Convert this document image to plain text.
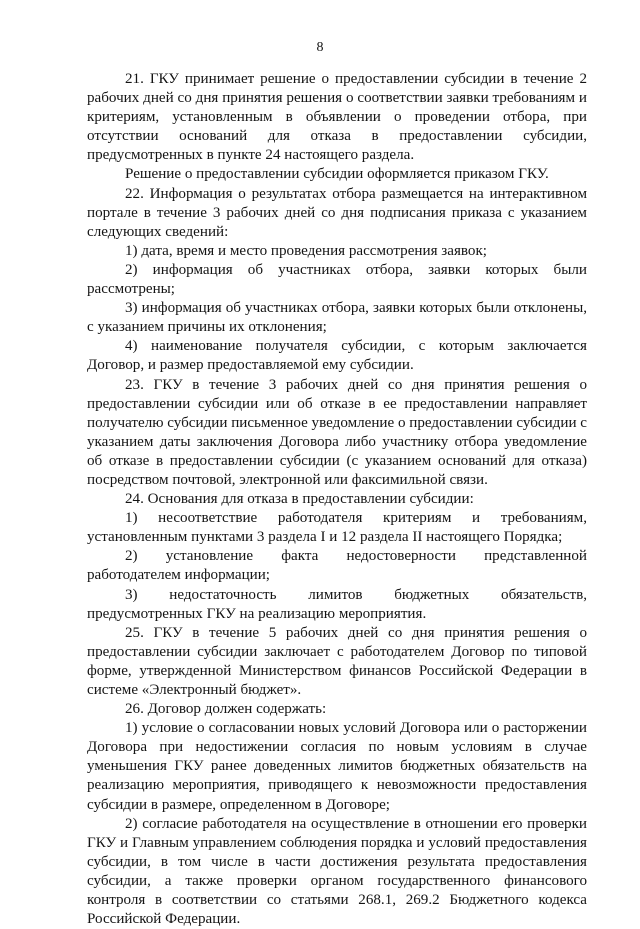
8

21. ГКУ принимает решение о предоставлении субсидии в течение 2 рабочих дней со дня принятия решения о соответствии заявки требованиям и критериям, установленным в объявлении о проведении отбора, при отсутствии оснований для отказа в предоставлении субсидии, предусмотренных в пункте 24 настоящего раздела.

Решение о предоставлении субсидии оформляется приказом ГКУ.

22. Информация о результатах отбора размещается на интерактивном портале в течение 3 рабочих дней со дня подписания приказа с указанием следующих сведений:

1) дата, время и место проведения рассмотрения заявок;

2) информация об участниках отбора, заявки которых были рассмотрены;

3) информация об участниках отбора, заявки которых были отклонены, с указанием причины их отклонения;

4) наименование получателя субсидии, с которым заключается Договор, и размер предоставляемой ему субсидии.

23. ГКУ в течение 3 рабочих дней со дня принятия решения о предоставлении субсидии или об отказе в ее предоставлении направляет получателю субсидии письменное уведомление о предоставлении субсидии с указанием даты заключения Договора либо участнику отбора уведомление об отказе в предоставлении субсидии (с указанием оснований для отказа) посредством почтовой, электронной или факсимильной связи.

24. Основания для отказа в предоставлении субсидии:

1) несоответствие работодателя критериям и требованиям, установленным пунктами 3 раздела I и 12 раздела II настоящего Порядка;

2) установление факта недостоверности представленной работодателем информации;

3) недостаточность лимитов бюджетных обязательств, предусмотренных ГКУ на реализацию мероприятия.

25. ГКУ в течение 5 рабочих дней со дня принятия решения о предоставлении субсидии заключает с работодателем Договор по типовой форме, утвержденной Министерством финансов Российской Федерации в системе «Электронный бюджет».

26. Договор должен содержать:

1) условие о согласовании новых условий Договора или о расторжении Договора при недостижении согласия по новым условиям в случае уменьшения ГКУ ранее доведенных лимитов бюджетных обязательств на реализацию мероприятия, приводящего к невозможности предоставления субсидии в размере, определенном в Договоре;

2) согласие работодателя на осуществление в отношении его проверки ГКУ и Главным управлением соблюдения порядка и условий предоставления субсидии, в том числе в части достижения результата предоставления субсидии, а также проверки органом государственного финансового контроля в соответствии со статьями 268.1, 269.2 Бюджетного кодекса Российской Федерации.
